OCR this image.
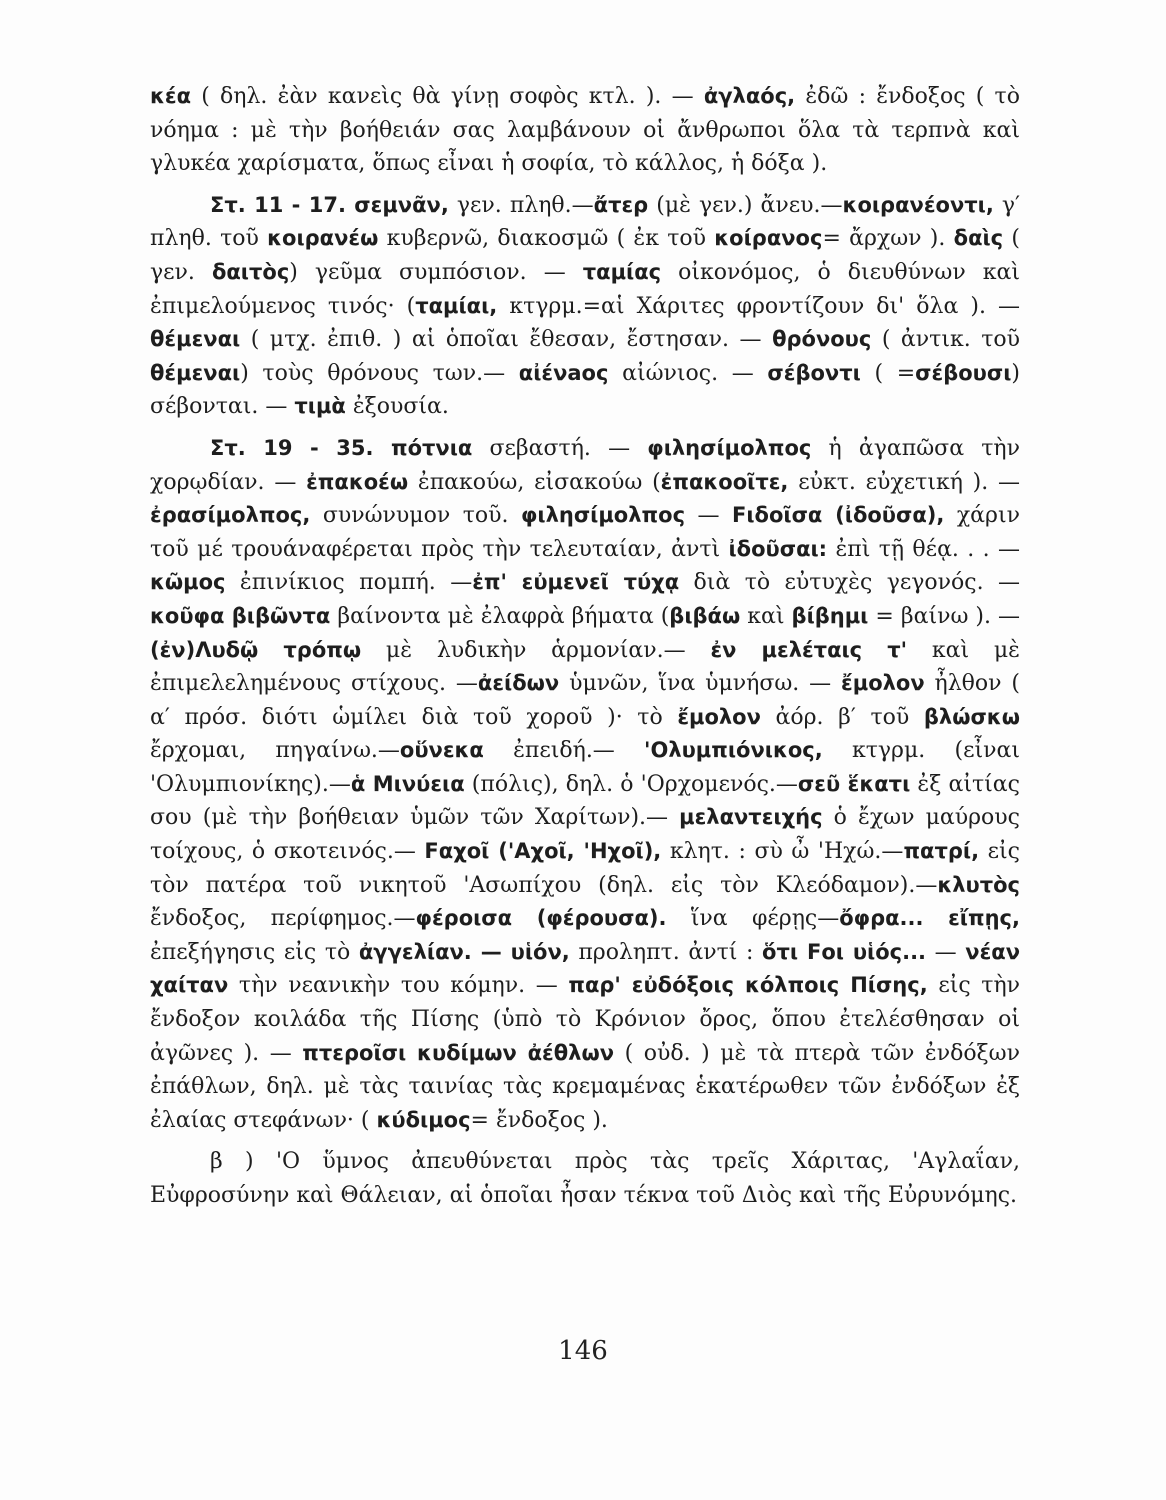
κέα ( δηλ. ἐὰν κανεὶς θὰ γίνῃ σοφὸς κτλ. ). — ἀγλαός, ἐδῶ : ἔνδοξος ( τὸ νόημα : μὲ τὴν βοήθειάν σας λαμβάνουν οἱ ἄνθρωποι ὅλα τὰ τερπνὰ καὶ γλυκέα χαρίσματα, ὅπως εἶναι ἡ σοφία, τὸ κάλλος, ἡ δόξα ).

Στ. 11 - 17. σεμνᾶν, γεν. πληθ.—ἄτερ (μὲ γεν.) ἄνευ.—κοιρανέοντι, γ′ πληθ. τοῦ κοιρανέω κυβερνῶ, διακοσμῶ ( ἐκ τοῦ κοίρανος= ἄρχων ). δαὶς ( γεν. δαιτὸς) γεῦμα συμπόσιον. — ταμίας οἰκονόμος, ὁ διευθύνων καὶ ἐπιμελούμενος τινός· (ταμίαι, κτγρμ.=αἱ Χάριτες φροντίζουν δι' ὅλα ). — θέμεναι ( μτχ. ἐπιθ. ) αἱ ὁποῖαι ἔθεσαν, ἔστησαν. — θρόνους ( ἀντικ. τοῦ θέμεναι) τοὺς θρόνους των.— αἰένаος αἰώνιος. — σέβοντι ( =σέβουσι) σέβονται. — τιμὰ ἐξουσία.

Στ. 19 - 35. πότνια σεβαστή. — φιλησίμολπος ἡ ἀγαπῶσα τὴν χορῳδίαν. — ἐπακοέω ἐπακούω, εἰσακούω (ἐπακοοῖτε, εὐκτ. εὐχετική ). — ἐρασίμολπος, συνώνυμον τοῦ. φιλησίμολπος — Ϝιδοῖσα (ἰδοῦσα), χάριν τοῦ μέ τρουάναφέρεται πρὸς τὴν τελευταίαν, ἀντὶ ἰδοῦσαι: ἐπὶ τῇ θέᾳ. . . — κῶμος ἐπινίκιος πομπή. —ἐπ' εὐμενεῖ τύχᾳ διὰ τὸ εὐτυχὲς γεγονός. — κοῦφα βιβῶντα βαίνοντα μὲ ἐλαφρὰ βήματα (βιβάω καὶ βίβημι = βαίνω ). —(ἐν)Λυδῷ τρόπῳ μὲ λυδικὴν ἁρμονίαν.— ἐν μελέταις τ' καὶ μὲ ἐπιμελελημένους στίχους. —ἀείδων ὑμνῶν, ἵνα ὑμνήσω. — ἔμολον ἦλθον ( α′ πρόσ. διότι ὡμίλει διὰ τοῦ χοροῦ )· τὸ ἔμολον ἀόρ. β′ τοῦ βλώσκω ἔρχομαι, πηγαίνω.—οὕνεκα ἐπειδή.— 'Ολυμπιόνικος, κτγρμ. (εἶναι 'Ολυμπιονίκης).—ἁ Μινύεια (πόλις), δηλ. ὁ 'Ορχομενός.—σεῦ ἕκατι ἐξ αἰτίας σου (μὲ τὴν βοήθειαν ὑμῶν τῶν Χαρίτων).— μελαντειχής ὁ ἔχων μαύρους τοίχους, ὁ σκοτεινός.— Ϝαχοῖ ('Αχοῖ, 'Ηχοῖ), κλητ. : σὺ ὦ 'Ηχώ.—πατρί, εἰς τὸν πατέρα τοῦ νικητοῦ 'Ασωπίχου (δηλ. εἰς τὸν Κλεόδαμον).—κλυτὸς ἔνδοξος, περίφημος.—φέροισα (φέρουσα). ἵνα φέρῃς—ὄφρα... εἴπῃς, ἐπεξήγησις εἰς τὸ ἀγγελίαν. — υἱόν, προληπτ. ἀντί : ὅτι Ϝοι υἱός... — νέαν χαίταν τὴν νεανικὴν του κόμην. — παρ' εὐδόξοις κόλποις Πίσης, εἰς τὴν ἔνδοξον κοιλάδα τῆς Πίσης (ὑπὸ τὸ Κρόνιον ὄρος, ὅπου ἐτελέσθησαν οἱ ἀγῶνες ). — πτεροῖσι κυδίμων ἀέθλων ( οὐδ. ) μὲ τὰ πτερὰ τῶν ἐνδόξων ἐπάθλων, δηλ. μὲ τὰς ταινίας τὰς κρεμαμένας ἑκατέρωθεν τῶν ἐνδόξων ἐξ ἐλαίας στεφάνων· ( κύδιμος= ἔνδοξος ).

β ) 'Ο ὕμνος ἀπευθύνεται πρὸς τὰς τρεῖς Χάριτας, 'Αγλαΐαν, Εὐφροσύνην καὶ Θάλειαν, αἱ ὁποῖαι ἦσαν τέκνα τοῦ Διὸς καὶ τῆς Εὐρυνόμης.

146
